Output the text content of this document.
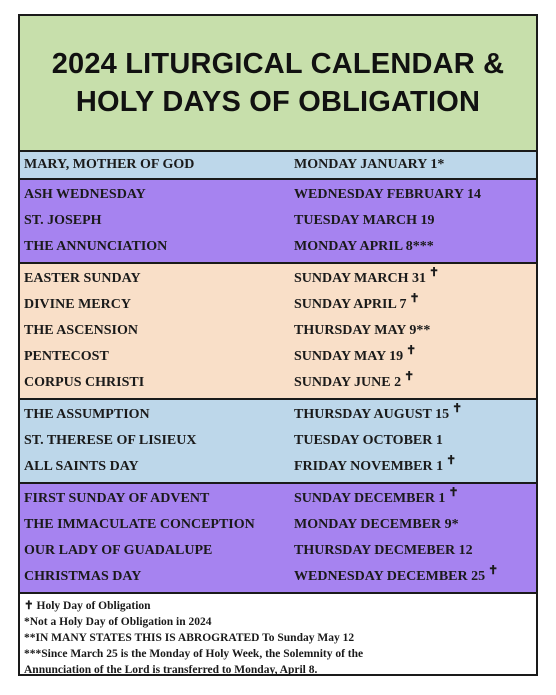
2024 LITURGICAL CALENDAR &
HOLY DAYS OF OBLIGATION
MARY, MOTHER OF GOD	MONDAY JANUARY 1*
ASH WEDNESDAY	WEDNESDAY FEBRUARY 14
ST. JOSEPH	TUESDAY MARCH 19
THE ANNUNCIATION	MONDAY APRIL 8***
EASTER SUNDAY	SUNDAY MARCH 31 ✝
DIVINE MERCY	SUNDAY APRIL 7 ✝
THE ASCENSION	THURSDAY MAY 9**
PENTECOST	SUNDAY MAY 19 ✝
CORPUS CHRISTI	SUNDAY JUNE 2 ✝
THE ASSUMPTION	THURSDAY AUGUST 15 ✝
ST. THERESE OF LISIEUX	TUESDAY OCTOBER 1
ALL SAINTS DAY	FRIDAY NOVEMBER 1 ✝
FIRST SUNDAY OF ADVENT	SUNDAY DECEMBER 1 ✝
THE IMMACULATE CONCEPTION	MONDAY DECEMBER 9*
OUR LADY OF GUADALUPE	THURSDAY DECMEBER 12
CHRISTMAS DAY	WEDNESDAY DECEMBER 25 ✝
✝ Holy Day of Obligation
*Not a Holy Day of Obligation in 2024
**IN MANY STATES THIS IS ABROGRATED To Sunday May 12
***Since March 25 is the Monday of Holy Week, the Solemnity of the
Annunciation of the Lord is transferred to Monday, April 8.
